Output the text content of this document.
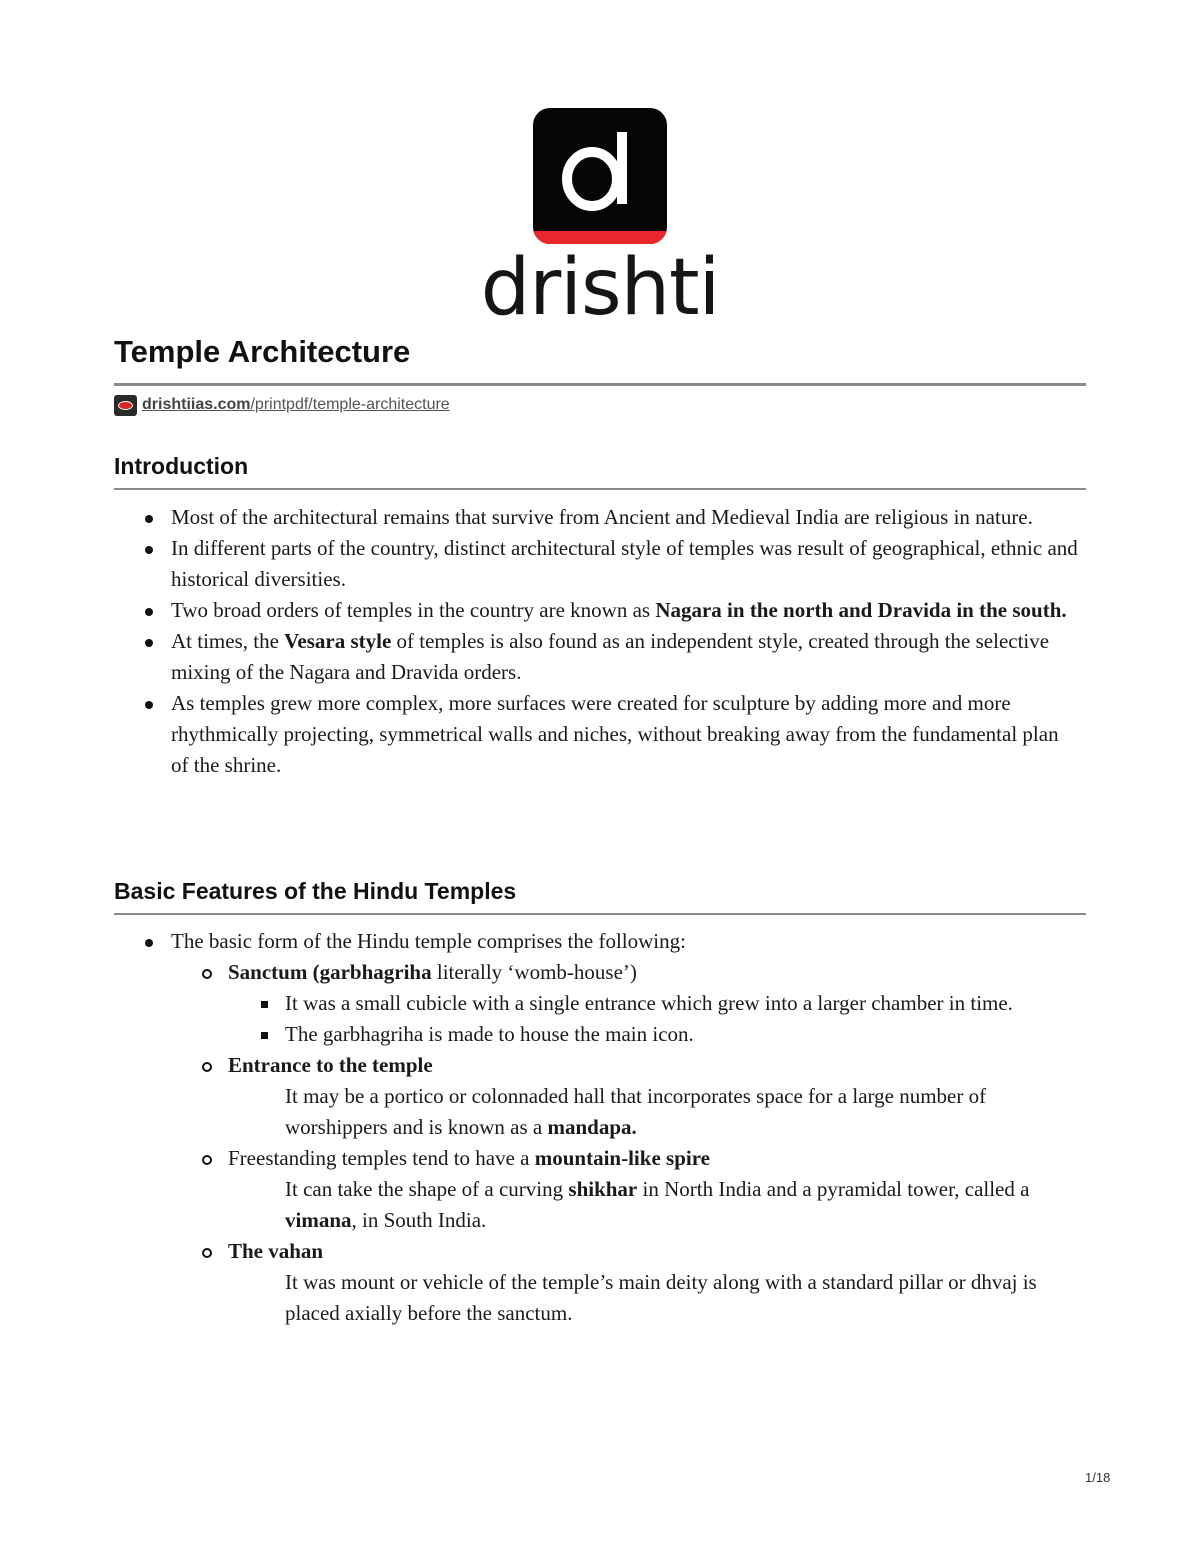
drishti
Temple Architecture
drishtiias.com/printpdf/temple-architecture
Introduction
Most of the architectural remains that survive from Ancient and Medieval India are religious in nature.
In different parts of the country, distinct architectural style of temples was result of geographical, ethnic and historical diversities.
Two broad orders of temples in the country are known as Nagara in the north and Dravida in the south.
At times, the Vesara style of temples is also found as an independent style, created through the selective mixing of the Nagara and Dravida orders.
As temples grew more complex, more surfaces were created for sculpture by adding more and more rhythmically projecting, symmetrical walls and niches, without breaking away from the fundamental plan of the shrine.
Basic Features of the Hindu Temples
The basic form of the Hindu temple comprises the following:
Sanctum (garbhagriha literally ‘womb-house’)
It was a small cubicle with a single entrance which grew into a larger chamber in time.
The garbhagriha is made to house the main icon.
Entrance to the temple
It may be a portico or colonnaded hall that incorporates space for a large number of worshippers and is known as a mandapa.
Freestanding temples tend to have a mountain-like spire
It can take the shape of a curving shikhar in North India and a pyramidal tower, called a vimana, in South India.
The vahan
It was mount or vehicle of the temple’s main deity along with a standard pillar or dhvaj is placed axially before the sanctum.
1/18
